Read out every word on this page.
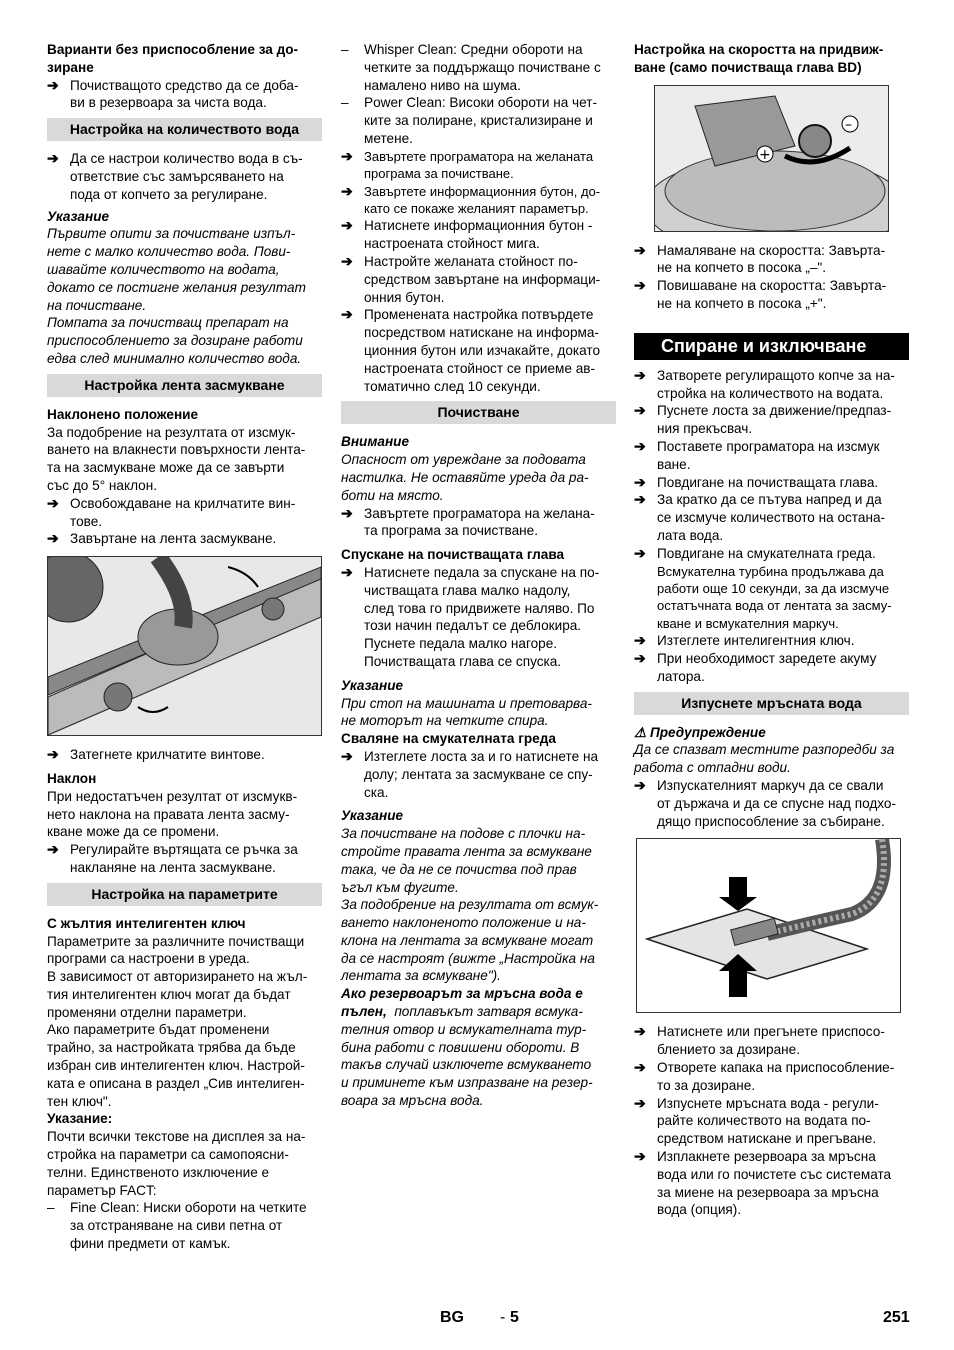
Варианти без приспособление за до-
зиране

➔ Почистващото средство да се доба-
ви в резервоара за чиста вода.
Настройка на количеството вода
➔ Да се настрои количество вода в съ-
ответствие със замърсяването на
пода от копчето за регулиране.

Указание

Първите опити за почистване изпъл-
нете с малко количество вода. Пови-
шавайте количеството на водата,
докато се постигне желания резултат
на почистване.
Помпата за почистващ препарат на
приспособлението за дозиране работи
едва след минимално количество вода.

Настройка лента засмукване

Наклонено положение

За подобрение на резултата от изсмук-
ването на влакнести повърхности лента-
та на засмукване може да се завърти
със до 5° наклон.

➔ Освобождаване на крилчатите вин-
тове.
➔ Завъртане на лента засмукване.
➔ Затегнете крилчатите винтове.

Наклон

При недостатъчен резултат от изсмукв-
нето наклона на правата лента засму-
кване може да се промени.

➔ Регулирайте въртящата се ръчка за
накланяне на лента засмукване.
Настройка на параметрите

С жълтия интелигентен ключ

Параметрите за различните почистващи
програми са настроени в уреда.
В зависимост от авторизирането на жъл-
тия интелигентен ключ могат да бъдат
променяни отделни параметри.
Ако параметрите бъдат променени
трайно, за настройката трябва да бъде
избран сив интелигентен ключ. Настрой-
ката е описана в раздел „Сив интелиген-
тен ключ".

Указание:

Почти всички текстове на дисплея за на-
стройка на параметри са самопоясни-
телни. Единственото изключение е
параметър FACT:

– Fine Clean: Ниски обороти на четките
за отстраняване на сиви петна от
фини предмети от камък.
– Whisper Clean: Средни обороти на
четките за поддържащо почистване с
намалено ниво на шума.
– Power Clean: Високи обороти на чет-
ките за полиране, кристализиране и
метене.
➔ Завъртете програматора на желаната
програма за почистване.
➔ Завъртете информационния бутон, до-
като се покаже желаният параметър.
➔ Натиснете информационния бутон -
настроената стойност мига.
➔ Настройте желаната стойност по-
средством завъртане на информаци-
онния бутон.
➔ Променената настройка потвърдете
посредством натискане на информа-
ционния бутон или изчакайте, докато
настроената стойност се приеме ав-
томатично след 10 секунди.
Почистване

Внимание

Опасност от увреждане за подовата
настилка. Не оставяйте уреда да ра-
боти на място.

➔ Завъртете програматора на желана-
та програма за почистване.

Спускане на почистващата глава

➔ Натиснете педала за спускане на по-
чистващата глава малко надолу,
след това го придвижете наляво. По
този начин педалът се деблокира.
Пуснете педала малко нагоре.
Почистващата глава се спуска.

Указание

При стоп на машината и претоварва-
не моторът на четките спира.

Сваляне на смукателната греда

➔ Изтеглете лоста за и го натиснете на
долу; лентата за засмукване се спу-
ска.

Указание

За почистване на подове с плочки на-
стройте правата лента за всмукване
така, че да не се почиства под прав
ъгъл към фугите.
За подобрение на резултата от всмук-
ването наклоненото положение и на-
клона на лентата за всмукване могат
да се настроят (вижте „Настройка на
лентата за всмукване").

Ако резервоарът за мръсна вода е
пълен, поплавъкът затваря всмука-
телния отвор и всмукателната тур-
бина работи с повишени обороти. В
такъв случай изключете всмукването
и приминете към изпразване на резер-
воара за мръсна вода.

Настройка на скоростта на придвиж-
ване (само почистваща глава BD)

+
–
➔ Намаляване на скоростта: Завърта-
не на копчето в посока „–".
➔ Повишаване на скоростта: Завърта-
не на копчето в посока „+".
Спиране и изключване
➔ Затворете регулиращото копче за на-
стройка на количеството на водата.
➔ Пуснете лоста за движение/предпаз-
ния прекъсвач.
➔ Поставете програматора на изсмук
ване.
➔ Повдигане на почистващата глава.
➔ За кратко да се пътува напред и да
се изсмуче количеството на остана-
лата вода.
➔ Повдигане на смукателната греда.

Всмукателна турбина продължава да
работи още 10 секунди, за да изсмуче
остатъчната вода от лентата за засму-
кване и всмукателния маркуч.

➔ Изтеглете интелигентния ключ.
➔ При необходимост заредете акуму
латора.
Изпуснете мръсната вода

⚠ Предупреждение

Да се спазват местните разпоредби за
работа с отпадни води.

➔ Изпускателният маркуч да се свали
от държача и да се спусне над подхо-
дящо приспособление за събиране.
➔ Натиснете или прегънете приспосо-
блението за дозиране.
➔ Отворете капака на приспособление-
то за дозиране.
➔ Изпуснете мръсната вода - регули-
райте количеството на водата по-
средством натискане и прегъване.
➔ Изплакнете резервоара за мръсна
вода или го почистете със системата
за миене на резервоара за мръсна
вода (опция).
BG - 5	251
